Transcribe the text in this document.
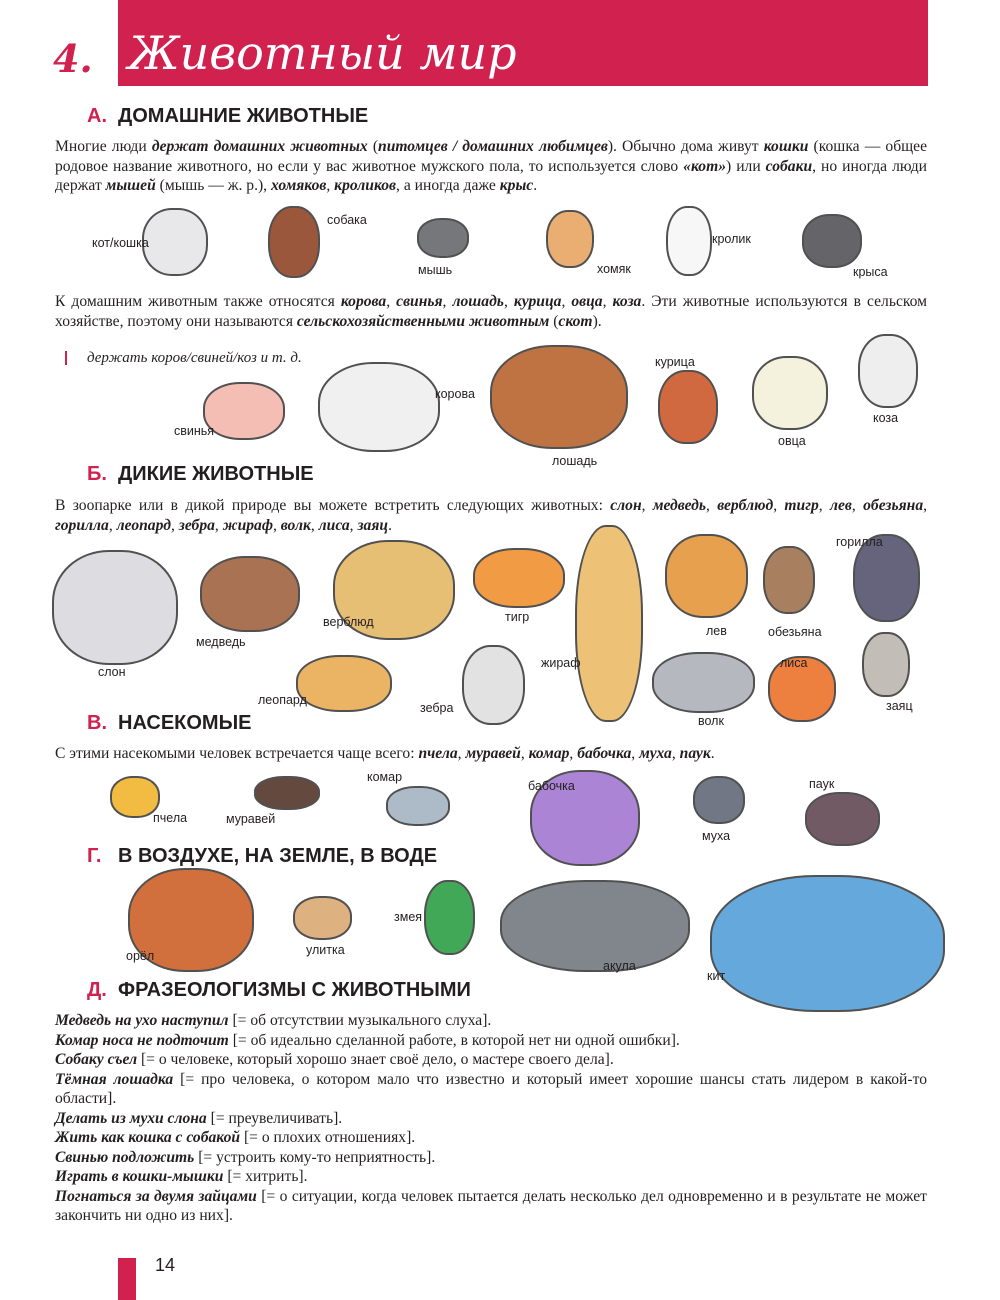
4. Животный мир
А. ДОМАШНИЕ ЖИВОТНЫЕ
Многие люди держат домашних животных (питомцев / домашних любимцев). Обычно дома живут кошки (кошка — общее родовое название животного, но если у вас животное мужского пола, то используется слово «кот») или собаки, но иногда люди держат мышей (мышь — ж. р.), хомяков, кроликов, а иногда даже крыс.
кот/кошка
собака
мышь	хомяк
кролик
крыса
К домашним животным также относятся корова, свинья, лошадь, курица, овца, коза. Эти животные используются в сельском хозяйстве, поэтому они называются сельскохозяйственными животным (скот).
держать коров/свиней/коз и т. д.
свинья
корова
лошадь
курица
овца
коза
Б. ДИКИЕ ЖИВОТНЫЕ
В зоопарке или в дикой природе вы можете встретить следующих животных: слон, медведь, верблюд, тигр, лев, обезьяна, горилла, леопард, зебра, жираф, волк, лиса, заяц.
слон
медведь
верблюд	тигр
жираф
лев	обезьяна
горилла
леопард
зебра
волк
лиса
заяц
В. НАСЕКОМЫЕ
С этими насекомыми человек встречается чаще всего: пчела, муравей, комар, бабочка, муха, паук.
пчела	муравей
комар
бабочка
муха
паук
Г. В ВОЗДУХЕ, НА ЗЕМЛЕ, В ВОДЕ
орёл	улитка
змея
акула
кит
Д. ФРАЗЕОЛОГИЗМЫ С ЖИВОТНЫМИ
Медведь на ухо наступил [= об отсутствии музыкального слуха].
Комар носа не подточит [= об идеально сделанной работе, в которой нет ни одной ошибки].
Собаку съел [= о человеке, который хорошо знает своё дело, о мастере своего дела].
Тёмная лошадка [= про человека, о котором мало что известно и который имеет хорошие шансы стать лидером в какой-то области].
Делать из мухи слона [= преувеличивать].
Жить как кошка с собакой [= о плохих отношениях].
Свинью подложить [= устроить кому-то неприятность].
Играть в кошки-мышки [= хитрить].
Погнаться за двумя зайцами [= о ситуации, когда человек пытается делать несколько дел одновременно и в результате не может закончить ни одно из них].
14
